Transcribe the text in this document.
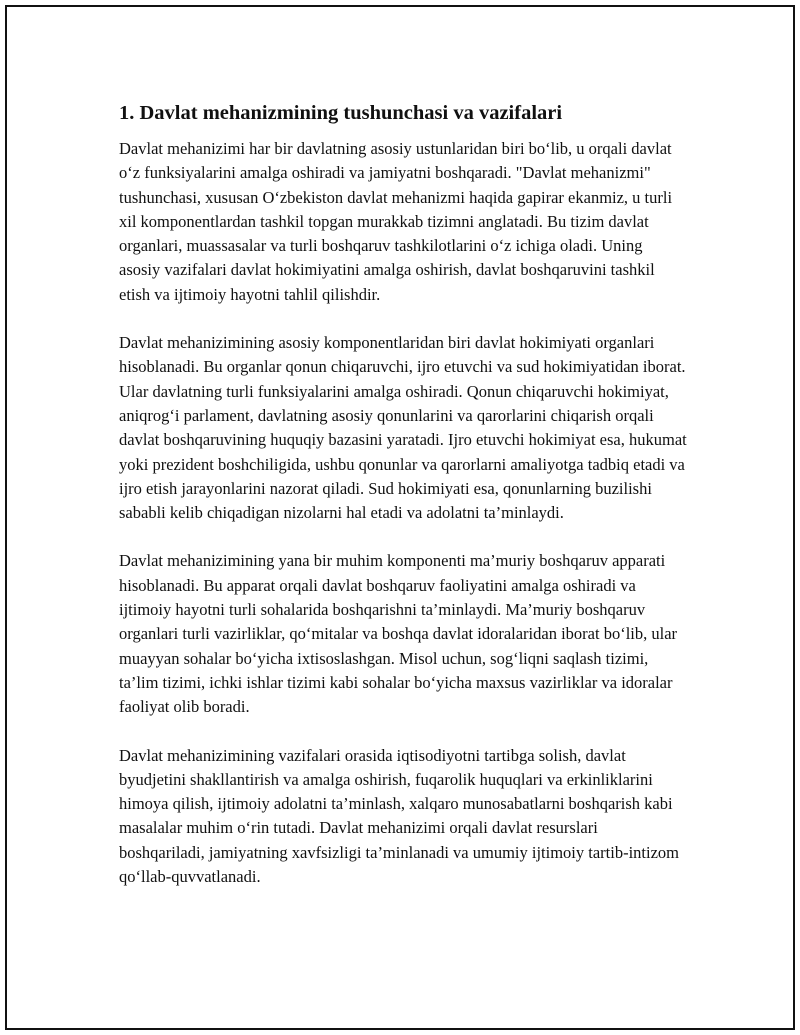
1. Davlat mehanizmining tushunchasi va vazifalari

Davlat mehanizimi har bir davlatning asosiy ustunlaridan biri bo‘lib, u orqali davlat o‘z funksiyalarini amalga oshiradi va jamiyatni boshqaradi. "Davlat mehanizmi" tushunchasi, xususan O‘zbekiston davlat mehanizmi haqida gapirar ekanmiz, u turli xil komponentlardan tashkil topgan murakkab tizimni anglatadi. Bu tizim davlat organlari, muassasalar va turli boshqaruv tashkilotlarini o‘z ichiga oladi. Uning asosiy vazifalari davlat hokimiyatini amalga oshirish, davlat boshqaruvini tashkil etish va ijtimoiy hayotni tahlil qilishdir.

Davlat mehanizimining asosiy komponentlaridan biri davlat hokimiyati organlari hisoblanadi. Bu organlar qonun chiqaruvchi, ijro etuvchi va sud hokimiyatidan iborat. Ular davlatning turli funksiyalarini amalga oshiradi. Qonun chiqaruvchi hokimiyat, aniqrog‘i parlament, davlatning asosiy qonunlarini va qarorlarini chiqarish orqali davlat boshqaruvining huquqiy bazasini yaratadi. Ijro etuvchi hokimiyat esa, hukumat yoki prezident boshchiligida, ushbu qonunlar va qarorlarni amaliyotga tadbiq etadi va ijro etish jarayonlarini nazorat qiladi. Sud hokimiyati esa, qonunlarning buzilishi sababli kelib chiqadigan nizolarni hal etadi va adolatni ta’minlaydi.

Davlat mehanizimining yana bir muhim komponenti ma’muriy boshqaruv apparati hisoblanadi. Bu apparat orqali davlat boshqaruv faoliyatini amalga oshiradi va ijtimoiy hayotni turli sohalarida boshqarishni ta’minlaydi. Ma’muriy boshqaruv organlari turli vazirliklar, qo‘mitalar va boshqa davlat idoralaridan iborat bo‘lib, ular muayyan sohalar bo‘yicha ixtisoslashgan. Misol uchun, sog‘liqni saqlash tizimi, ta’lim tizimi, ichki ishlar tizimi kabi sohalar bo‘yicha maxsus vazirliklar va idoralar faoliyat olib boradi.

Davlat mehanizimining vazifalari orasida iqtisodiyotni tartibga solish, davlat byudjetini shakllantirish va amalga oshirish, fuqarolik huquqlari va erkinliklarini himoya qilish, ijtimoiy adolatni ta’minlash, xalqaro munosabatlarni boshqarish kabi masalalar muhim o‘rin tutadi. Davlat mehanizimi orqali davlat resurslari boshqariladi, jamiyatning xavfsizligi ta’minlanadi va umumiy ijtimoiy tartib-intizom qo‘llab-quvvatlanadi.
